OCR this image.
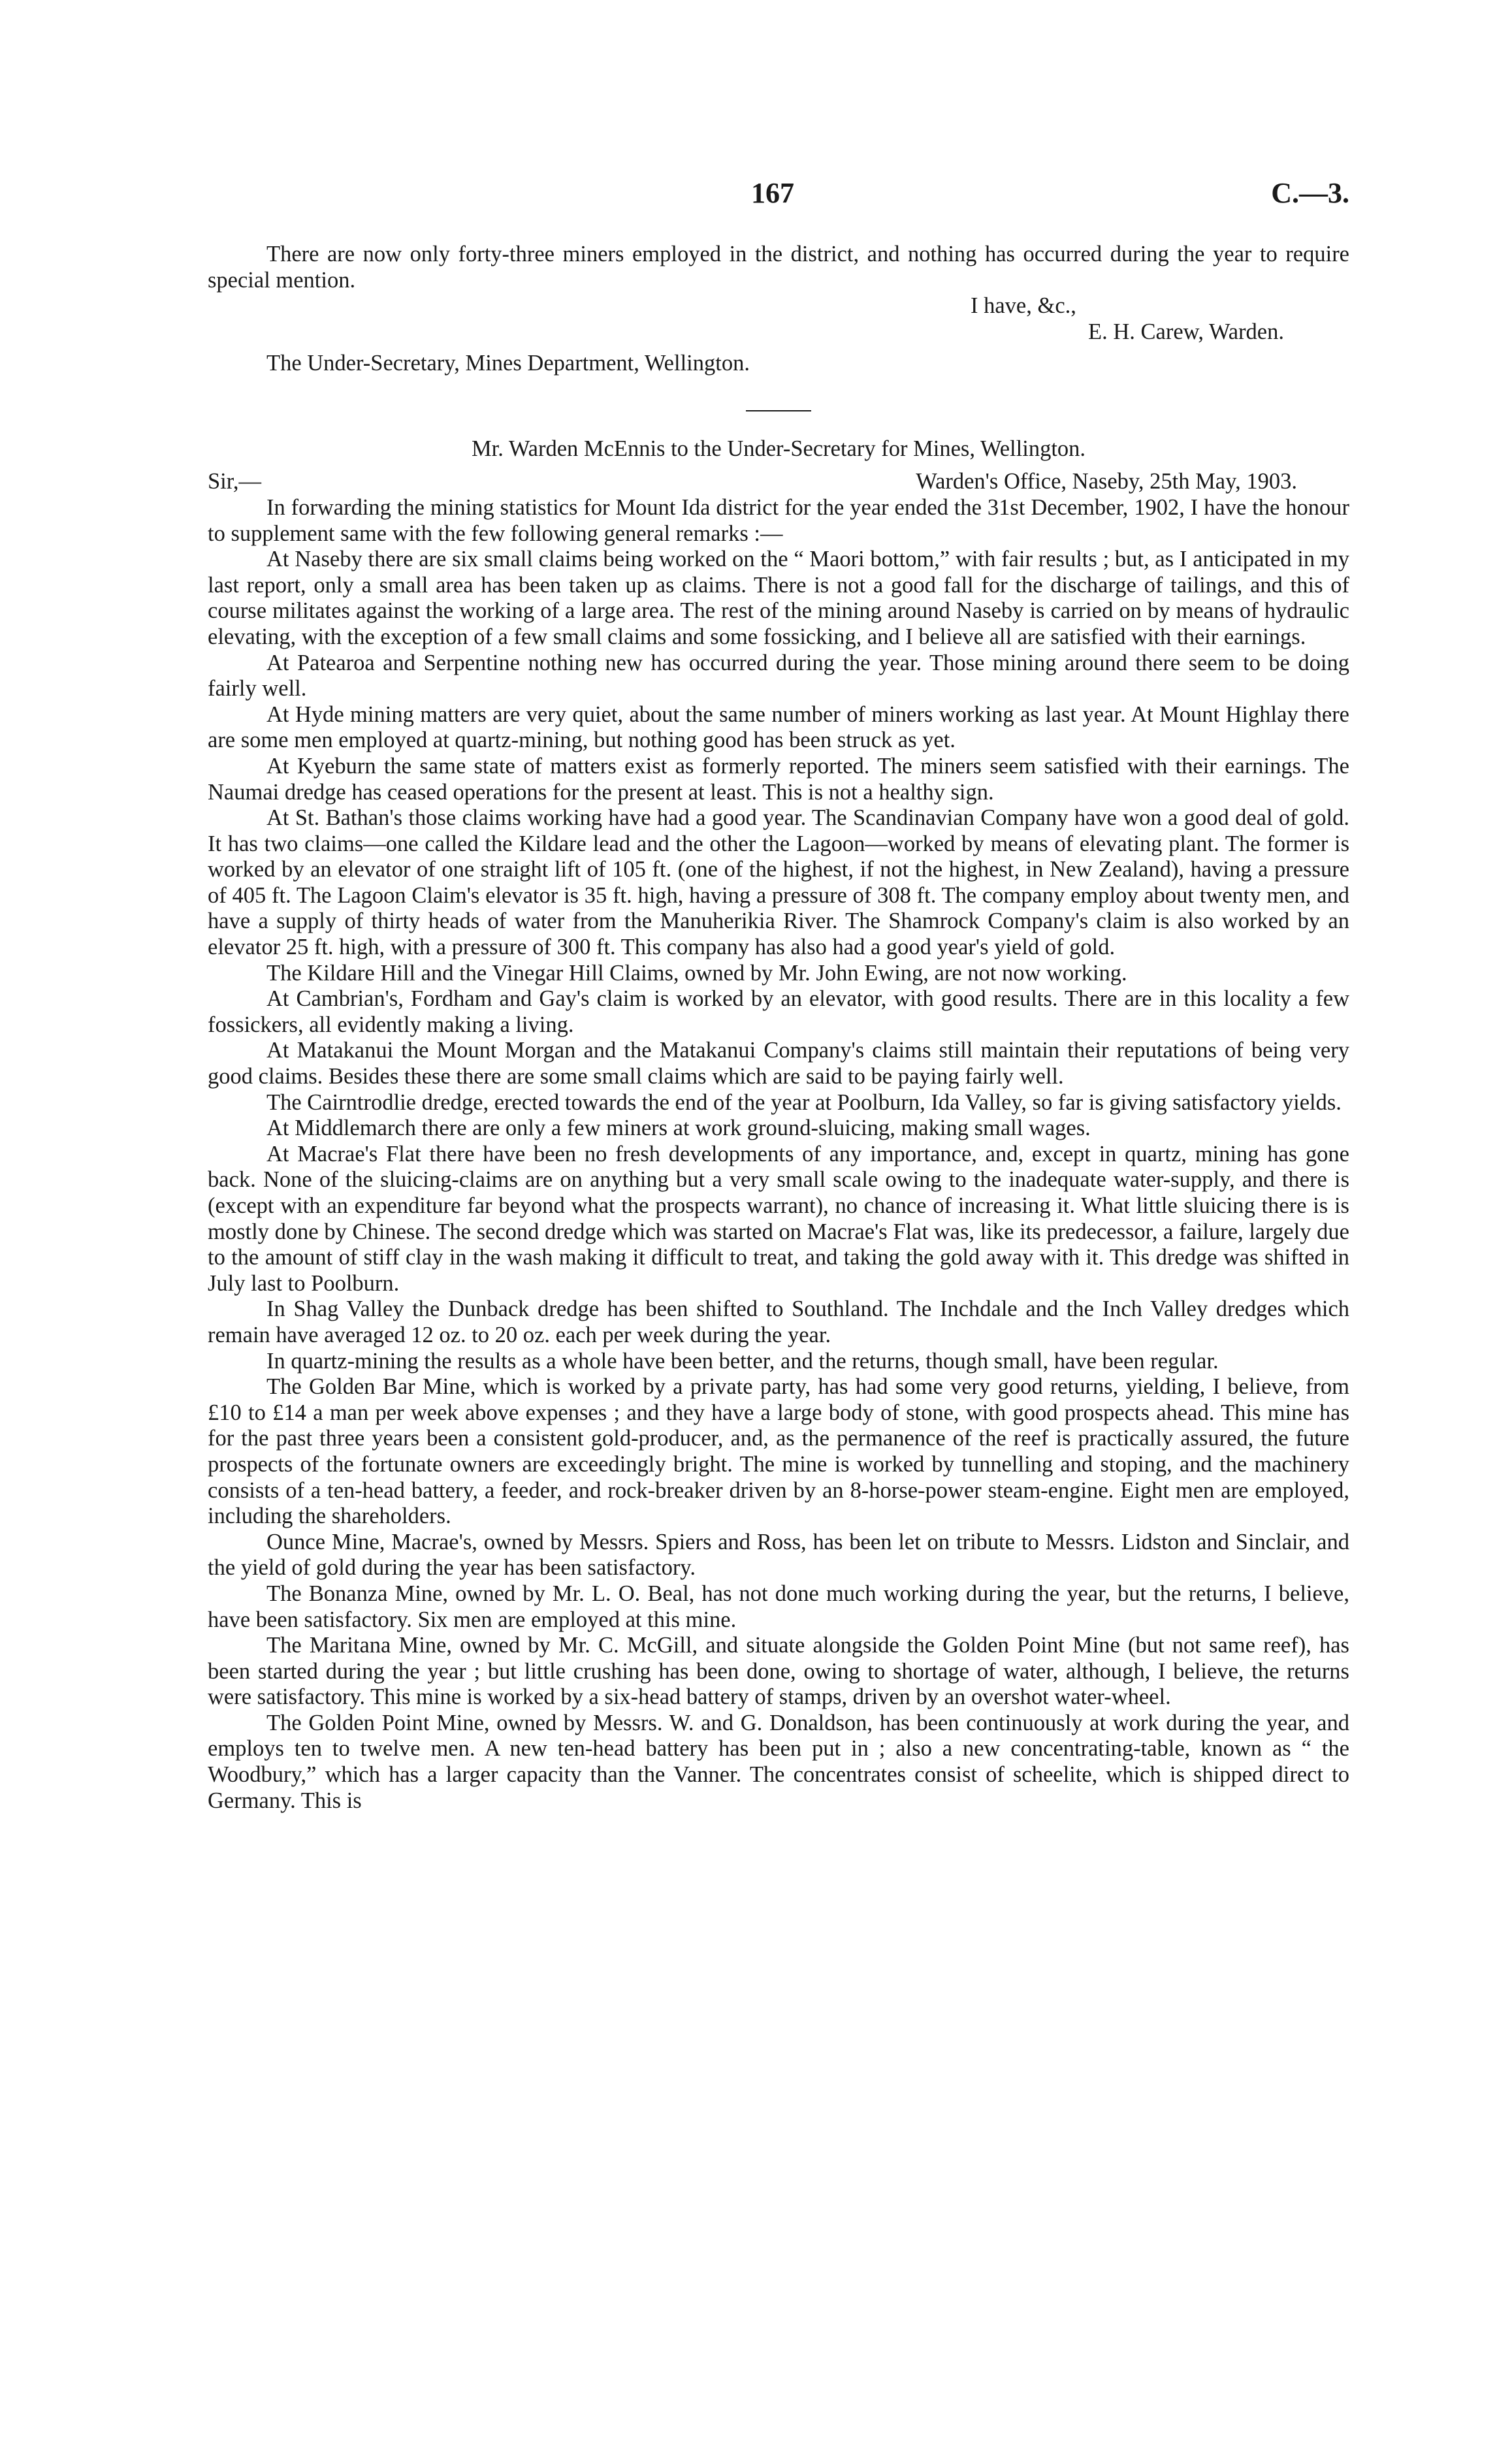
167	C.—3.

There are now only forty-three miners employed in the district, and nothing has occurred during the year to require special mention.

I have, &c.,

E. H. Carew, Warden.

The Under-Secretary, Mines Department, Wellington.

Mr. Warden McEnnis to the Under-Secretary for Mines, Wellington.

Sir,—	Warden's Office, Naseby, 25th May, 1903.

In forwarding the mining statistics for Mount Ida district for the year ended the 31st December, 1902, I have the honour to supplement same with the few following general remarks :—

At Naseby there are six small claims being worked on the “ Maori bottom,” with fair results ; but, as I anticipated in my last report, only a small area has been taken up as claims. There is not a good fall for the discharge of tailings, and this of course militates against the working of a large area. The rest of the mining around Naseby is carried on by means of hydraulic elevating, with the exception of a few small claims and some fossicking, and I believe all are satisfied with their earnings.

At Patearoa and Serpentine nothing new has occurred during the year. Those mining around there seem to be doing fairly well.

At Hyde mining matters are very quiet, about the same number of miners working as last year. At Mount Highlay there are some men employed at quartz-mining, but nothing good has been struck as yet.

At Kyeburn the same state of matters exist as formerly reported. The miners seem satisfied with their earnings. The Naumai dredge has ceased operations for the present at least. This is not a healthy sign.

At St. Bathan's those claims working have had a good year. The Scandinavian Company have won a good deal of gold. It has two claims—one called the Kildare lead and the other the Lagoon—worked by means of elevating plant. The former is worked by an elevator of one straight lift of 105 ft. (one of the highest, if not the highest, in New Zealand), having a pressure of 405 ft. The Lagoon Claim's elevator is 35 ft. high, having a pressure of 308 ft. The company employ about twenty men, and have a supply of thirty heads of water from the Manuherikia River. The Shamrock Company's claim is also worked by an elevator 25 ft. high, with a pressure of 300 ft. This company has also had a good year's yield of gold.

The Kildare Hill and the Vinegar Hill Claims, owned by Mr. John Ewing, are not now working.

At Cambrian's, Fordham and Gay's claim is worked by an elevator, with good results. There are in this locality a few fossickers, all evidently making a living.

At Matakanui the Mount Morgan and the Matakanui Company's claims still maintain their reputations of being very good claims. Besides these there are some small claims which are said to be paying fairly well.

The Cairntrodlie dredge, erected towards the end of the year at Poolburn, Ida Valley, so far is giving satisfactory yields.

At Middlemarch there are only a few miners at work ground-sluicing, making small wages.

At Macrae's Flat there have been no fresh developments of any importance, and, except in quartz, mining has gone back. None of the sluicing-claims are on anything but a very small scale owing to the inadequate water-supply, and there is (except with an expenditure far beyond what the prospects warrant), no chance of increasing it. What little sluicing there is is mostly done by Chinese. The second dredge which was started on Macrae's Flat was, like its predecessor, a failure, largely due to the amount of stiff clay in the wash making it difficult to treat, and taking the gold away with it. This dredge was shifted in July last to Poolburn.

In Shag Valley the Dunback dredge has been shifted to Southland. The Inchdale and the Inch Valley dredges which remain have averaged 12 oz. to 20 oz. each per week during the year.

In quartz-mining the results as a whole have been better, and the returns, though small, have been regular.

The Golden Bar Mine, which is worked by a private party, has had some very good returns, yielding, I believe, from £10 to £14 a man per week above expenses ; and they have a large body of stone, with good prospects ahead. This mine has for the past three years been a consistent gold-producer, and, as the permanence of the reef is practically assured, the future prospects of the fortunate owners are exceedingly bright. The mine is worked by tunnelling and stoping, and the machinery consists of a ten-head battery, a feeder, and rock-breaker driven by an 8-horse-power steam-engine. Eight men are employed, including the shareholders.

Ounce Mine, Macrae's, owned by Messrs. Spiers and Ross, has been let on tribute to Messrs. Lidston and Sinclair, and the yield of gold during the year has been satisfactory.

The Bonanza Mine, owned by Mr. L. O. Beal, has not done much working during the year, but the returns, I believe, have been satisfactory. Six men are employed at this mine.

The Maritana Mine, owned by Mr. C. McGill, and situate alongside the Golden Point Mine (but not same reef), has been started during the year ; but little crushing has been done, owing to shortage of water, although, I believe, the returns were satisfactory. This mine is worked by a six-head battery of stamps, driven by an overshot water-wheel.

The Golden Point Mine, owned by Messrs. W. and G. Donaldson, has been continuously at work during the year, and employs ten to twelve men. A new ten-head battery has been put in ; also a new concentrating-table, known as “ the Woodbury,” which has a larger capacity than the Vanner. The concentrates consist of scheelite, which is shipped direct to Germany. This is
